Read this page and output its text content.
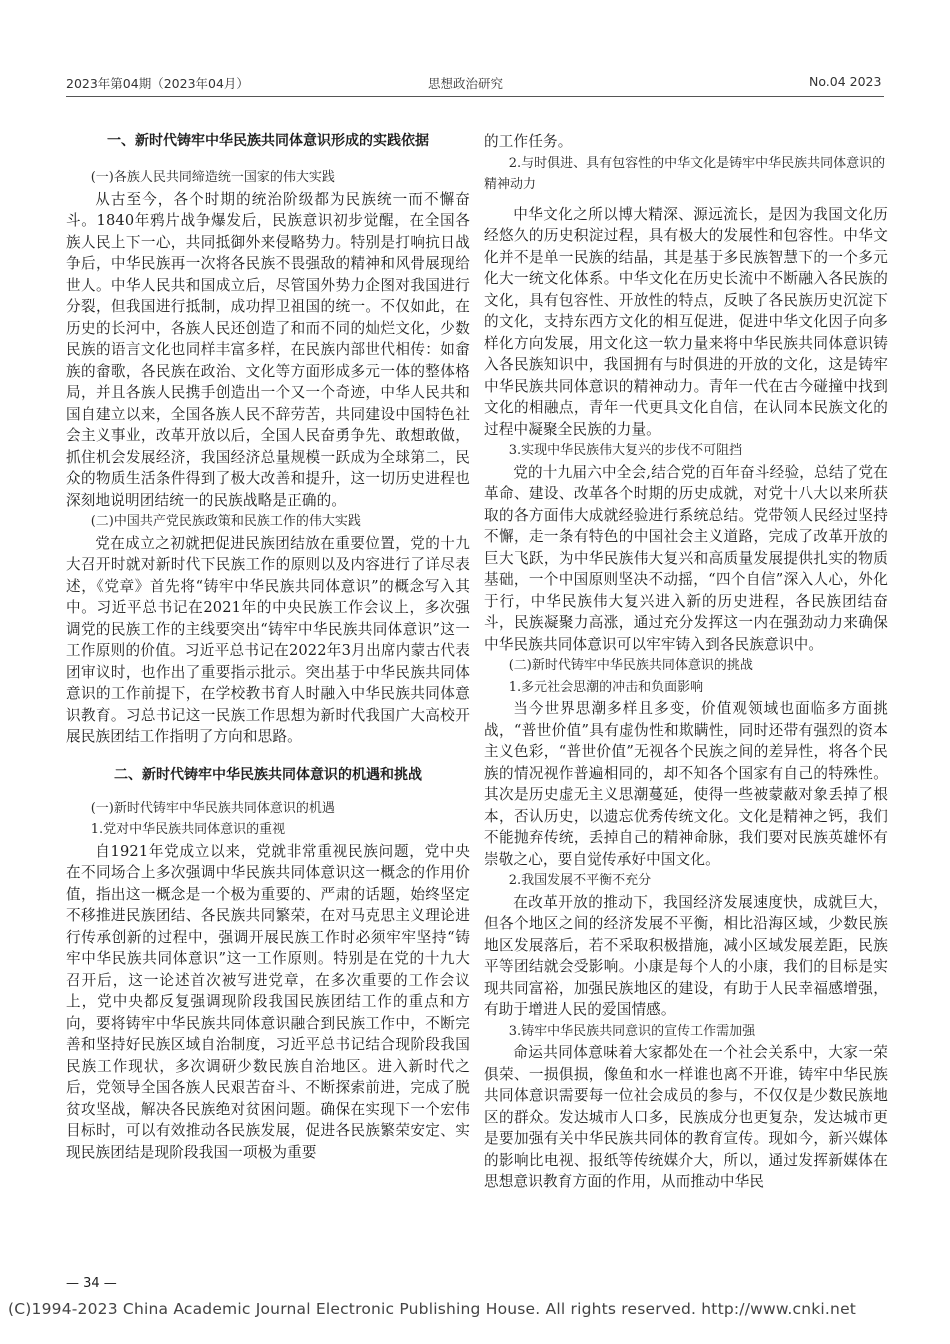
2023年第04期（2023年04月）	思想政治研究	No.04 2023

一、新时代铸牢中华民族共同体意识形成的实践依据

(一)各族人民共同缔造统一国家的伟大实践

从古至今，各个时期的统治阶级都为民族统一而不懈奋斗。1840年鸦片战争爆发后，民族意识初步觉醒，在全国各族人民上下一心，共同抵御外来侵略势力。特别是打响抗日战争后，中华民族再一次将各民族不畏强敌的精神和风骨展现给世人。中华人民共和国成立后，尽管国外势力企图对我国进行分裂，但我国进行抵制，成功捍卫祖国的统一。不仅如此，在历史的长河中，各族人民还创造了和而不同的灿烂文化，少数民族的语言文化也同样丰富多样，在民族内部世代相传：如畲族的畲歌，各民族在政治、文化等方面形成多元一体的整体格局，并且各族人民携手创造出一个又一个奇迹，中华人民共和国自建立以来，全国各族人民不辞劳苦，共同建设中国特色社会主义事业，改革开放以后，全国人民奋勇争先、敢想敢做，抓住机会发展经济，我国经济总量规模一跃成为全球第二，民众的物质生活条件得到了极大改善和提升，这一切历史进程也深刻地说明团结统一的民族战略是正确的。

(二)中国共产党民族政策和民族工作的伟大实践

党在成立之初就把促进民族团结放在重要位置，党的十九大召开时就对新时代下民族工作的原则以及内容进行了详尽表述，《党章》首先将“铸牢中华民族共同体意识”的概念写入其中。习近平总书记在2021年的中央民族工作会议上，多次强调党的民族工作的主线要突出“铸牢中华民族共同体意识”这一工作原则的价值。习近平总书记在2022年3月出席内蒙古代表团审议时，也作出了重要指示批示。突出基于中华民族共同体意识的工作前提下，在学校教书育人时融入中华民族共同体意识教育。习总书记这一民族工作思想为新时代我国广大高校开展民族团结工作指明了方向和思路。

二、新时代铸牢中华民族共同体意识的机遇和挑战

(一)新时代铸牢中华民族共同体意识的机遇

1.党对中华民族共同体意识的重视

自1921年党成立以来，党就非常重视民族问题，党中央在不同场合上多次强调中华民族共同体意识这一概念的作用价值，指出这一概念是一个极为重要的、严肃的话题，始终坚定不移推进民族团结、各民族共同繁荣，在对马克思主义理论进行传承创新的过程中，强调开展民族工作时必须牢牢坚持“铸牢中华民族共同体意识”这一工作原则。特别是在党的十九大召开后，这一论述首次被写进党章，在多次重要的工作会议上，党中央都反复强调现阶段我国民族团结工作的重点和方向，要将铸牢中华民族共同体意识融合到民族工作中，不断完善和坚持好民族区域自治制度，习近平总书记结合现阶段我国民族工作现状，多次调研少数民族自治地区。进入新时代之后，党领导全国各族人民艰苦奋斗、不断探索前进，完成了脱贫攻坚战，解决各民族绝对贫困问题。确保在实现下一个宏伟目标时，可以有效推动各民族发展，促进各民族繁荣安定、实现民族团结是现阶段我国一项极为重要

的工作任务。

2.与时俱进、具有包容性的中华文化是铸牢中华民族共同体意识的精神动力

中华文化之所以博大精深、源远流长，是因为我国文化历经悠久的历史积淀过程，具有极大的发展性和包容性。中华文化并不是单一民族的结晶，其是基于多民族智慧下的一个多元化大一统文化体系。中华文化在历史长流中不断融入各民族的文化，具有包容性、开放性的特点，反映了各民族历史沉淀下的文化，支持东西方文化的相互促进，促进中华文化因子向多样化方向发展，用文化这一软力量来将中华民族共同体意识铸入各民族知识中，我国拥有与时俱进的开放的文化，这是铸牢中华民族共同体意识的精神动力。青年一代在古今碰撞中找到文化的相融点，青年一代更具文化自信，在认同本民族文化的过程中凝聚全民族的力量。

3.实现中华民族伟大复兴的步伐不可阻挡

党的十九届六中全会,结合党的百年奋斗经验，总结了党在革命、建设、改革各个时期的历史成就，对党十八大以来所获取的各方面伟大成就经验进行系统总结。党带领人民经过坚持不懈，走一条有特色的中国社会主义道路，完成了改革开放的巨大飞跃，为中华民族伟大复兴和高质量发展提供扎实的物质基础，一个中国原则坚决不动摇，“四个自信”深入人心，外化于行，中华民族伟大复兴进入新的历史进程，各民族团结奋斗，民族凝聚力高涨，通过充分发挥这一内在强劲动力来确保中华民族共同体意识可以牢牢铸入到各民族意识中。

(二)新时代铸牢中华民族共同体意识的挑战

1.多元社会思潮的冲击和负面影响

当今世界思潮多样且多变，价值观领域也面临多方面挑战，“普世价值”具有虚伪性和欺瞒性，同时还带有强烈的资本主义色彩，“普世价值”无视各个民族之间的差异性，将各个民族的情况视作普遍相同的，却不知各个国家有自己的特殊性。其次是历史虚无主义思潮蔓延，使得一些被蒙蔽对象丢掉了根本，否认历史，以遗忘优秀传统文化。文化是精神之钙，我们不能抛弃传统，丢掉自己的精神命脉，我们要对民族英雄怀有崇敬之心，要自觉传承好中国文化。

2.我国发展不平衡不充分

在改革开放的推动下，我国经济发展速度快，成就巨大，但各个地区之间的经济发展不平衡，相比沿海区域，少数民族地区发展落后，若不采取积极措施，减小区域发展差距，民族平等团结就会受影响。小康是每个人的小康，我们的目标是实现共同富裕，加强民族地区的建设，有助于人民幸福感增强，有助于增进人民的爱国情感。

3.铸牢中华民族共同意识的宣传工作需加强

命运共同体意味着大家都处在一个社会关系中，大家一荣俱荣、一损俱损，像鱼和水一样谁也离不开谁，铸牢中华民族共同体意识需要每一位社会成员的参与，不仅仅是少数民族地区的群众。发达城市人口多，民族成分也更复杂，发达城市更是要加强有关中华民族共同体的教育宣传。现如今，新兴媒体的影响比电视、报纸等传统媒介大，所以，通过发挥新媒体在思想意识教育方面的作用，从而推动中华民

— 34 —
(C)1994-2023 China Academic Journal Electronic Publishing House. All rights reserved. http://www.cnki.net
